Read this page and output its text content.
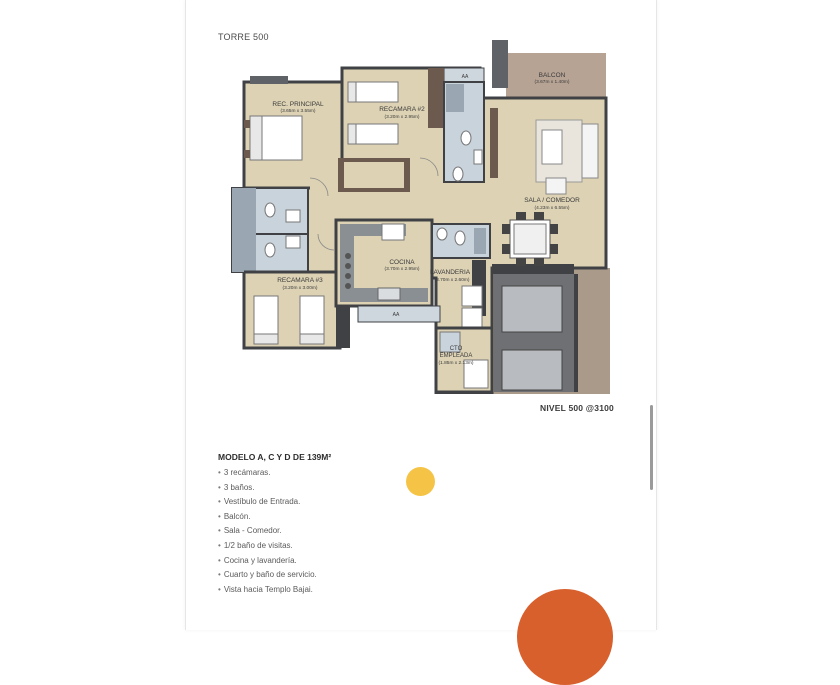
TORRE 500
AA
AA
REC. PRINCIPAL
(3.65m x 3.55m)	RECAMARA #2
(3.20m x 2.95m)
BALCON
(3.67m x 1.40m)
SALA / COMEDOR
(4.23m x 6.55m)
RECAMARA #3
(3.20m x 3.00m)
COCINA
(3.70m x 2.95m) LAVANDERIA
(3.70m x 2.60m)
CTO
EMPLEADA
(1.85m x 2.13m)
NIVEL 500 @3100
MODELO A, C Y D DE 139M²
• 3 recámaras.
• 3 baños.
• Vestíbulo de Entrada.
• Balcón.
• Sala - Comedor.
• 1/2 baño de visitas.
• Cocina y lavandería.
• Cuarto y baño de servicio.
• Vista hacia Templo Bajai.
